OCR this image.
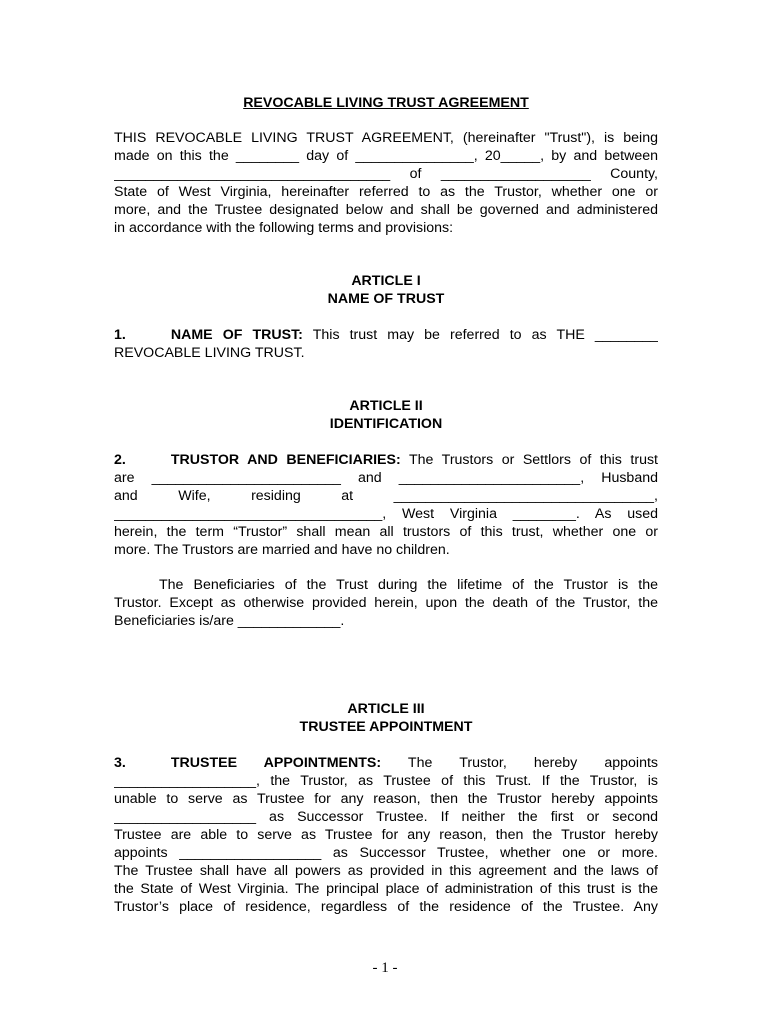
REVOCABLE LIVING TRUST AGREEMENT
THIS REVOCABLE LIVING TRUST AGREEMENT, (hereinafter "Trust"), is being
made on this the ________ day of _______________, 20_____, by and between
___________________________________ of ___________________ County,
State of West Virginia, hereinafter referred to as the Trustor, whether one or
more, and the Trustee designated below and shall be governed and administered
in accordance with the following terms and provisions:
ARTICLE I
NAME OF TRUST
1.	NAME OF TRUST: This trust may be referred to as THE ________
REVOCABLE LIVING TRUST.
ARTICLE II
IDENTIFICATION
2.	TRUSTOR AND BENEFICIARIES: The Trustors or Settlors of this trust
are ________________________ and _______________________, Husband
and Wife, residing at _________________________________,
__________________________________, West Virginia ________. As used
herein, the term “Trustor” shall mean all trustors of this trust, whether one or
more. The Trustors are married and have no children.
The Beneficiaries of the Trust during the lifetime of the Trustor is the
Trustor. Except as otherwise provided herein, upon the death of the Trustor, the
Beneficiaries is/are _____________.
ARTICLE III
TRUSTEE APPOINTMENT
3.	TRUSTEE APPOINTMENTS: The Trustor, hereby appoints
__________________, the Trustor, as Trustee of this Trust. If the Trustor, is
unable to serve as Trustee for any reason, then the Trustor hereby appoints
__________________ as Successor Trustee. If neither the first or second
Trustee are able to serve as Trustee for any reason, then the Trustor hereby
appoints __________________ as Successor Trustee, whether one or more.
The Trustee shall have all powers as provided in this agreement and the laws of
the State of West Virginia. The principal place of administration of this trust is the
Trustor’s place of residence, regardless of the residence of the Trustee. Any
- 1 -
